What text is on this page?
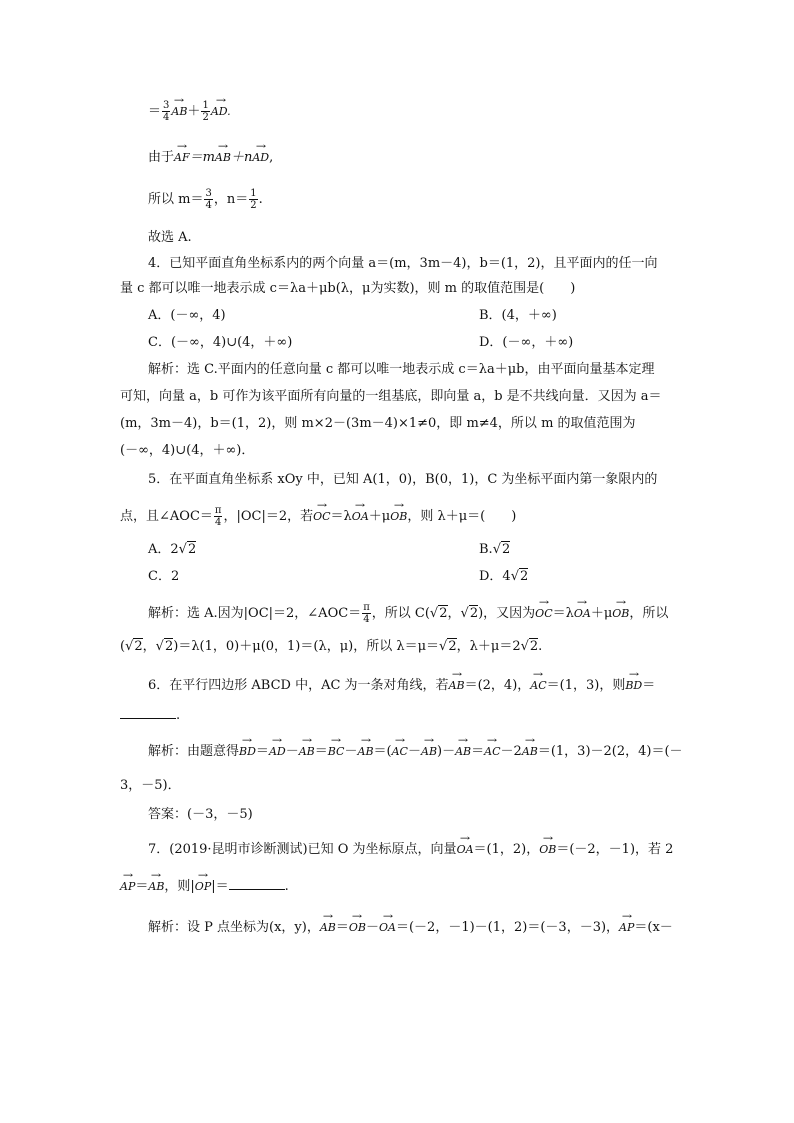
＝ $\frac{3}{4}$
→ $AB+ \frac{1}{2}$
→ AD.
由于→ AF＝m→ AB＋n→ AD,
所以 $m= \frac{3}{4}$ ，$n= \frac{1}{2}$ .
故选 A.
4．已知平面直角坐标系内的两个向量 a＝(m，3m－4)，b＝(1，2)，且平面内的任一向
量 c 都可以唯一地表示成 c＝λa＋μb(λ，μ为实数)，则 m 的取值范围是(　　)
A．(－∞，4)	B．(4，＋∞)
C．(－∞，4)∪(4，＋∞)	D．(－∞，＋∞)
解析：选 C.平面内的任意向量 c 都可以唯一地表示成 c＝λa＋μb，由平面向量基本定理
可知，向量 a，b 可作为该平面所有向量的一组基底，即向量 a，b 是不共线向量．又因为 a＝
(m，3m－4)，b＝(1，2)，则 m×2－(3m－4)×1≠0，即 m≠4，所以 m 的取值范围为
(－∞，4)∪(4，＋∞)．
5．在平面直角坐标系 xOy 中，已知 A(1，0)，B(0，1)，C 为坐标平面内第一象限内的
点，且∠AOC＝ $\frac{\pi}{4}$ ，|OC|＝2，若→ OC＝λ→ OA＋μ→ OB，则 λ＋μ＝(　　)
A．2√2	B.√2
C．2	D．4√2
解析：选 A.因为|OC|＝2，∠AOC＝ $\frac{\pi}{4}$ ，所以 C(√2，√2)，又因为→ OC＝λ→ OA＋μ→ OB，所以
(√2，√2)＝λ(1，0)＋μ(0，1)＝(λ，μ)，所以 λ＝μ＝√2，λ＋μ＝2√2.
6．在平行四边形 ABCD 中，AC 为一条对角线，若→ AB＝(2，4)，→ AC＝(1，3)，则→ BD＝
.
解析：由题意得→ BD＝→ AD－→ AB＝→ BC－→ AB＝(→ AC－→ AB)－→ AB＝→ AC－2→ AB＝(1，3)－2(2，4)＝(－
3，－5)．
答案：(－3，－5)
7．(2019·昆明市诊断测试)已知 O 为坐标原点，向量→ OA＝(1，2)，→ OB＝(－2，－1)，若 2
→ AP＝→ AB，则|→ OP|＝	.
解析：设 P 点坐标为(x，y)，→ AB＝→ OB－→ OA＝(－2，－1)－(1，2)＝(－3，－3)，→ AP＝(x－
